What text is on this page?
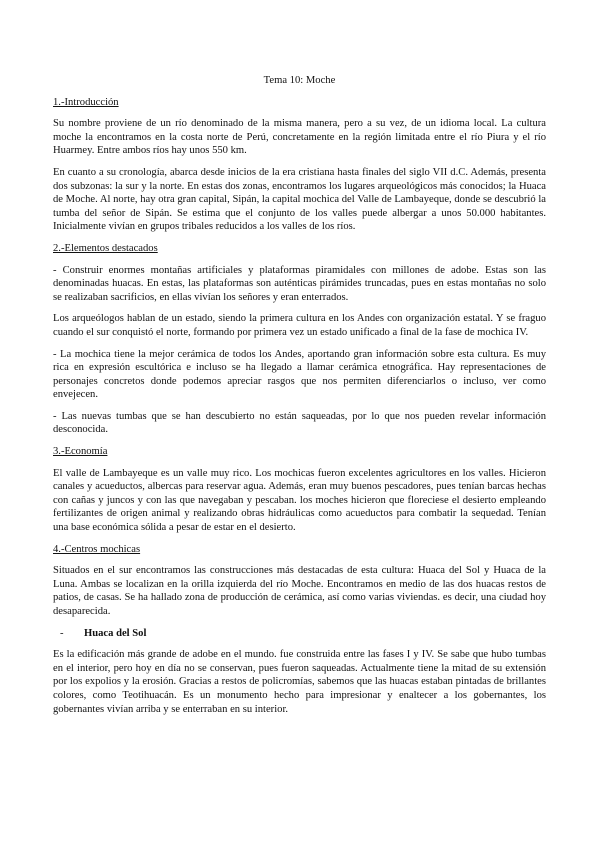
Tema 10: Moche
1.-Introducción

Su nombre proviene de un río denominado de la misma manera, pero a su vez, de un idioma local. La cultura moche la encontramos en la costa norte de Perú, concretamente en la región limitada entre el río Piura y el río Huarmey. Entre ambos ríos hay unos 550 km.

En cuanto a su cronología, abarca desde inicios de la era cristiana hasta finales del siglo VII d.C. Además, presenta dos subzonas: la sur y la norte. En estas dos zonas, encontramos los lugares arqueológicos más conocidos; la Huaca de Moche. Al norte, hay otra gran capital, Sipán, la capital mochica del Valle de Lambayeque, donde se descubrió la tumba del señor de Sipán. Se estima que el conjunto de los valles puede albergar a unos 50.000 habitantes. Inicialmente vivían en grupos tribales reducidos a los valles de los ríos.

2.-Elementos destacados

- Construir enormes montañas artificiales y plataformas piramidales con millones de adobe. Estas son las denominadas huacas. En estas, las plataformas son auténticas pirámides truncadas, pues en estas montañas no solo se realizaban sacrificios, en ellas vivían los señores y eran enterrados.

Los arqueólogos hablan de un estado, siendo la primera cultura en los Andes con organización estatal. Y se fraguo cuando el sur conquistó el norte, formando por primera vez un estado unificado a final de la fase de mochica IV.

- La mochica tiene la mejor cerámica de todos los Andes, aportando gran información sobre esta cultura. Es muy rica en expresión escultórica e incluso se ha llegado a llamar cerámica etnográfica. Hay representaciones de personajes concretos donde podemos apreciar rasgos que nos permiten diferenciarlos o incluso, ver como envejecen.

- Las nuevas tumbas que se han descubierto no están saqueadas, por lo que nos pueden revelar información desconocida.

3.-Economía

El valle de Lambayeque es un valle muy rico. Los mochicas fueron excelentes agricultores en los valles. Hicieron canales y acueductos, albercas para reservar agua. Además, eran muy buenos pescadores, pues tenían barcas hechas con cañas y juncos y con las que navegaban y pescaban. los moches hicieron que floreciese el desierto empleando fertilizantes de origen animal y realizando obras hidráulicas como acueductos para combatir la sequedad. Tenían una base económica sólida a pesar de estar en el desierto.

4.-Centros mochicas

Situados en el sur encontramos las construcciones más destacadas de esta cultura: Huaca del Sol y Huaca de la Luna. Ambas se localizan en la orilla izquierda del río Moche. Encontramos en medio de las dos huacas restos de patios, de casas. Se ha hallado zona de producción de cerámica, así como varias viviendas. es decir, una ciudad hoy desaparecida.

-	Huaca del Sol

Es la edificación más grande de adobe en el mundo. fue construida entre las fases I y IV. Se sabe que hubo tumbas en el interior, pero hoy en día no se conservan, pues fueron saqueadas. Actualmente tiene la mitad de su extensión por los expolios y la erosión. Gracias a restos de policromías, sabemos que las huacas estaban pintadas de brillantes colores, como Teotihuacán. Es un monumento hecho para impresionar y enaltecer a los gobernantes, los gobernantes vivían arriba y se enterraban en su interior.
